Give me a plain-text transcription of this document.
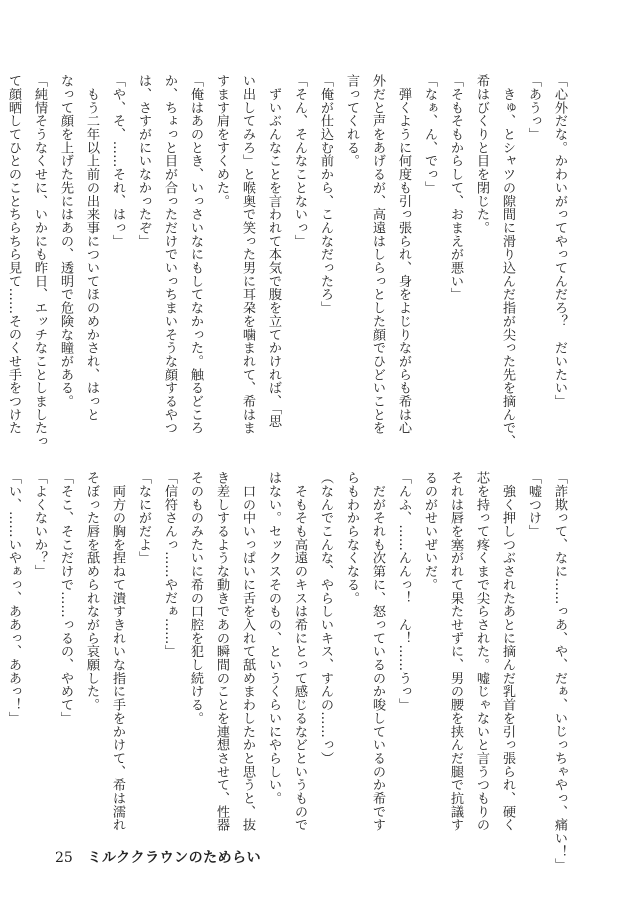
「心外だな。かわいがってやってんだろ？　だいたい」
「あうっ」
　きゅ、とシャツの隙間に滑り込んだ指が尖った先を摘んで、
希はびくりと目を閉じた。
「そもそもからして、おまえが悪い」
「なぁ、ん、でっ」
　弾くように何度も引っ張られ、身をよじりながらも希は心
外だと声をあげるが、高遠はしらっとした顔でひどいことを
言ってくれる。
「俺が仕込む前から、こんなだったろ」
「そん、そんなことないっ」
　ずいぶんなことを言われて本気で腹を立てかければ、「思
い出してみろ」と喉奥で笑った男に耳朶を噛まれて、希はま
すます肩をすくめた。
「俺はあのとき、いっさいなにもしてなかった。触るどころ
か、ちょっと目が合っただけでいっちまいそうな顔するやつ
は、さすがにいなかったぞ」
「や、そ、……それ、はっ」
　もう二年以上前の出来事についてほのめかされ、はっと
なって顔を上げた先にはあの、透明で危険な瞳がある。
「純情そうなくせに、いかにも昨日、エッチなことしましたっ
て顔晒してひとのことちらちら見て……そのくせ手をつけた
「詐欺って、なに……っあ、や、だぁ、いじっちゃやっ、痛い！」
「嘘つけ」
　強く押しつぶされたあとに摘んだ乳首を引っ張られ、硬く
芯を持って疼くまで尖らされた。嘘じゃないと言うつもりの
それは唇を塞がれて果たせずに、男の腰を挟んだ腿で抗議す
るのがせいぜいだ。
「んふ、……んんっ！　ん！……うっ」
　だがそれも次第に、怒っているのか唆しているのか希です
らもわからなくなる。
（なんでこんな、やらしいキス、すんの……っ）
　そもそも高遠のキスは希にとって感じるなどというもので
はない。セックスそのもの、というくらいにやらしい。
　口の中いっぱいに舌を入れて舐めまわしたかと思うと、抜
き差しするような動きであの瞬間のことを連想させて、性器
そのものみたいに希の口腔を犯し続ける。
「信符さんっ……やだぁ……」
「なにがだよ」
　両方の胸を捏ねて潰すきれいな指に手をかけて、希は濡れ
そぼった唇を舐められながら哀願した。
「そこ、そこだけで……っるの、やめて」
「よくないか？」
「い、……いやぁっ、ああっ、ああっ！」
25 ミルククラウンのためらい
